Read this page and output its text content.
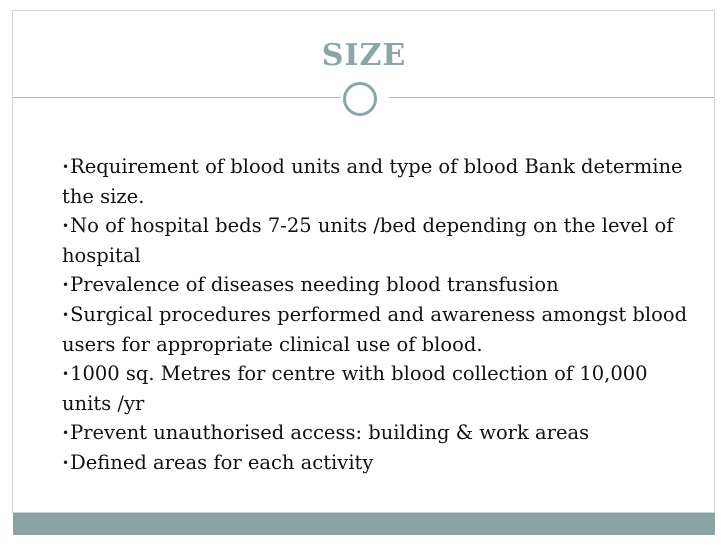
SIZE
•Requirement of blood units and type of blood Bank determine the size.
•No of hospital beds 7-25 units /bed depending on the level of hospital
•Prevalence of diseases needing blood transfusion
•Surgical procedures performed and awareness amongst blood users for appropriate clinical use of blood.
•1000 sq. Metres for centre with blood collection of 10,000 units /yr
•Prevent unauthorised access: building & work areas
•Defined areas for each activity
